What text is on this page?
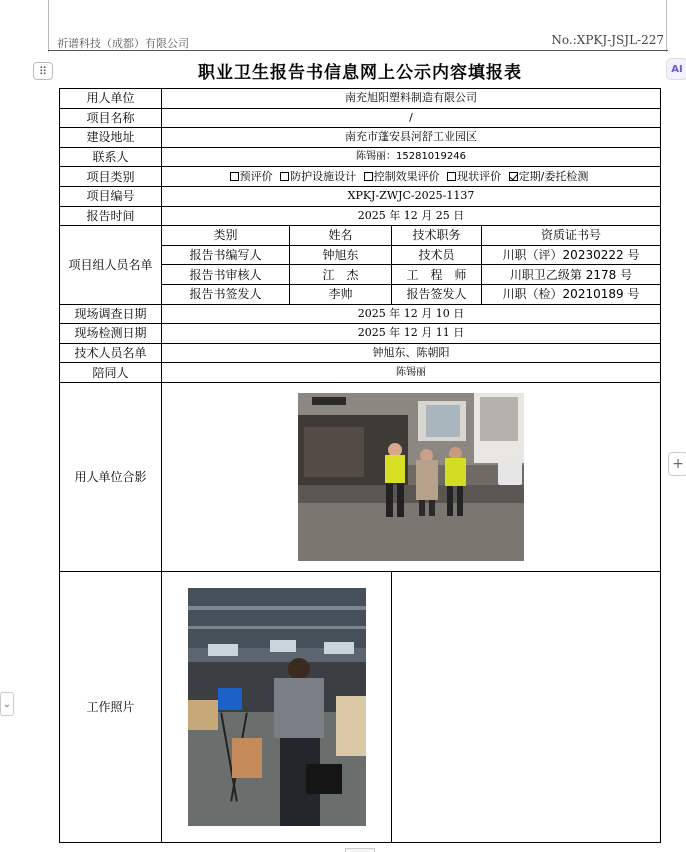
祈谱科技（成都）有限公司	No.:XPKJ-JSJL-227
⠿	AI
+
⌄
职业卫生报告书信息网上公示内容填报表
用人单位	南充旭阳塑料制造有限公司			
项目名称	/			
建设地址	南充市蓬安县河舒工业园区			
联系人	陈锡丽：15281019246			
项目类别	预评价 防护设施设计 控制效果评价 现状评价 定期/委托检测			
项目编号	XPKJ-ZWJC-2025-1137			
报告时间	2025 年 12 月 25 日			
项目组人员名单	类别	姓名	技术职务	资质证书号
	报告书编写人	钟旭东	技术员	川职（评）20230222 号
	报告书审核人	江　杰	工　程　师	川职卫乙级第 2178 号
	报告书签发人	李帅	报告签发人	川职（检）20210189 号
现场调查日期	2025 年 12 月 10 日			
现场检测日期	2025 年 12 月 11 日			
技术人员名单	钟旭东、陈朝阳			
陪同人	陈锡丽			
用人单位合影				

工作照片			
